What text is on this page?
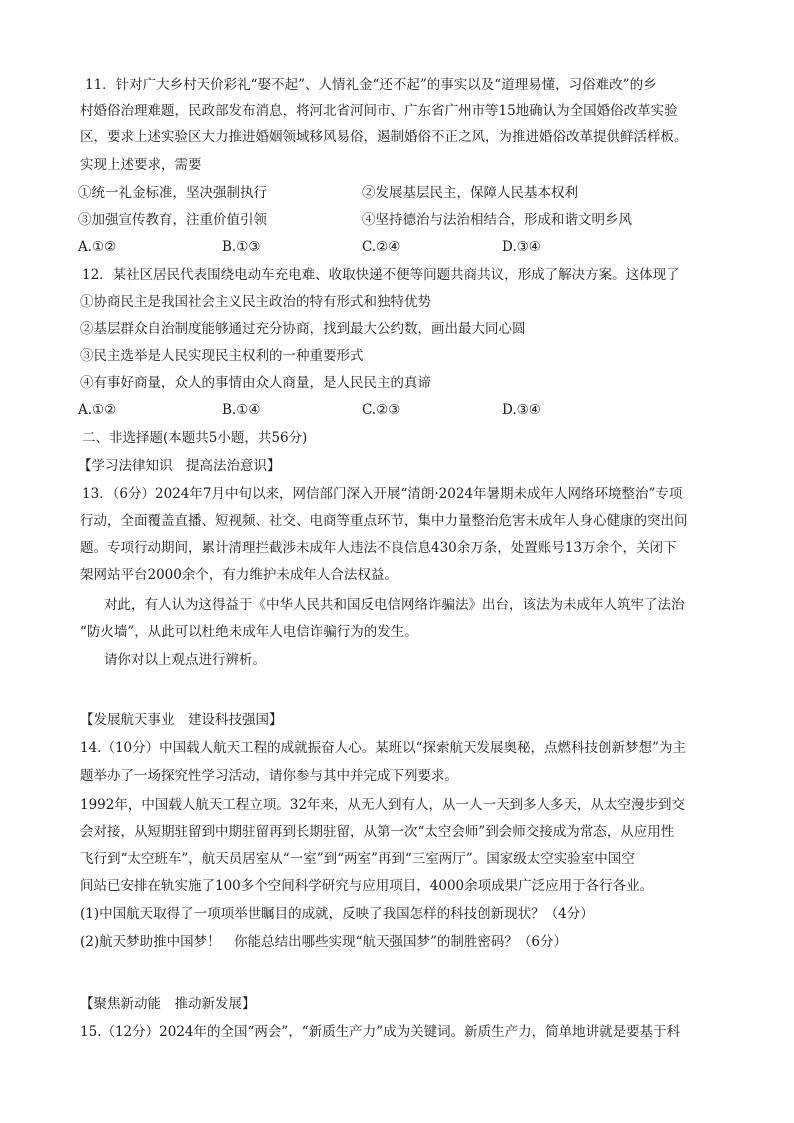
11．针对广大乡村天价彩礼“娶不起”、人情礼金“还不起”的事实以及“道理易懂，习俗难改”的乡

村婚俗治理难题，民政部发布消息，将河北省河间市、广东省广州市等15地确认为全国婚俗改革实验

区，要求上述实验区大力推进婚姻领域移风易俗，遏制婚俗不正之风，为推进婚俗改革提供鲜活样板。

实现上述要求，需要

①统一礼金标准，坚决强制执行	②发展基层民主，保障人民基本权利

③加强宣传教育，注重价值引领	④坚持德治与法治相结合，形成和谐文明乡风

A.①②	B.①③	C.②④	D.③④

12．某社区居民代表围绕电动车充电难、收取快递不便等问题共商共议，形成了解决方案。这体现了

①协商民主是我国社会主义民主政治的特有形式和独特优势

②基层群众自治制度能够通过充分协商，找到最大公约数，画出最大同心圆

③民主选举是人民实现民主权利的一种重要形式

④有事好商量，众人的事情由众人商量，是人民民主的真谛

A.①②	B.①④	C.②③	D.③④

二、非选择题(本题共5小题，共56分)

【学习法律知识　提高法治意识】

13．（6分）2024年7月中旬以来，网信部门深入开展“清朗·2024年暑期未成年人网络环境整治”专项

行动，全面覆盖直播、短视频、社交、电商等重点环节，集中力量整治危害未成年人身心健康的突出问

题。专项行动期间，累计清理拦截涉未成年人违法不良信息430余万条，处置账号13万余个，关闭下

架网站平台2000余个，有力维护未成年人合法权益。

对此，有人认为这得益于《中华人民共和国反电信网络诈骗法》出台，该法为未成年人筑牢了法治

“防火墙”，从此可以杜绝未成年人电信诈骗行为的发生。

请你对以上观点进行辨析。

【发展航天事业　建设科技强国】

14.（10分）中国载人航天工程的成就振奋人心。某班以“探索航天发展奥秘，点燃科技创新梦想”为主

题举办了一场探究性学习活动，请你参与其中并完成下列要求。

1992年，中国载人航天工程立项。32年来，从无人到有人，从一人一天到多人多天，从太空漫步到交

会对接，从短期驻留到中期驻留再到长期驻留，从第一次“太空会师”到会师交接成为常态，从应用性

飞行到“太空班车”，航天员居室从“一室”到“两室”再到“三室两厅”。国家级太空实验室中国空

间站已安排在轨实施了100多个空间科学研究与应用项目，4000余项成果广泛应用于各行各业。

(1)中国航天取得了一项项举世瞩目的成就，反映了我国怎样的科技创新现状？（4分）

(2)航天梦助推中国梦！　你能总结出哪些实现“航天强国梦”的制胜密码？（6分）

【聚焦新动能　推动新发展】

15.（12分）2024年的全国“两会”，“新质生产力”成为关键词。新质生产力，简单地讲就是要基于科
